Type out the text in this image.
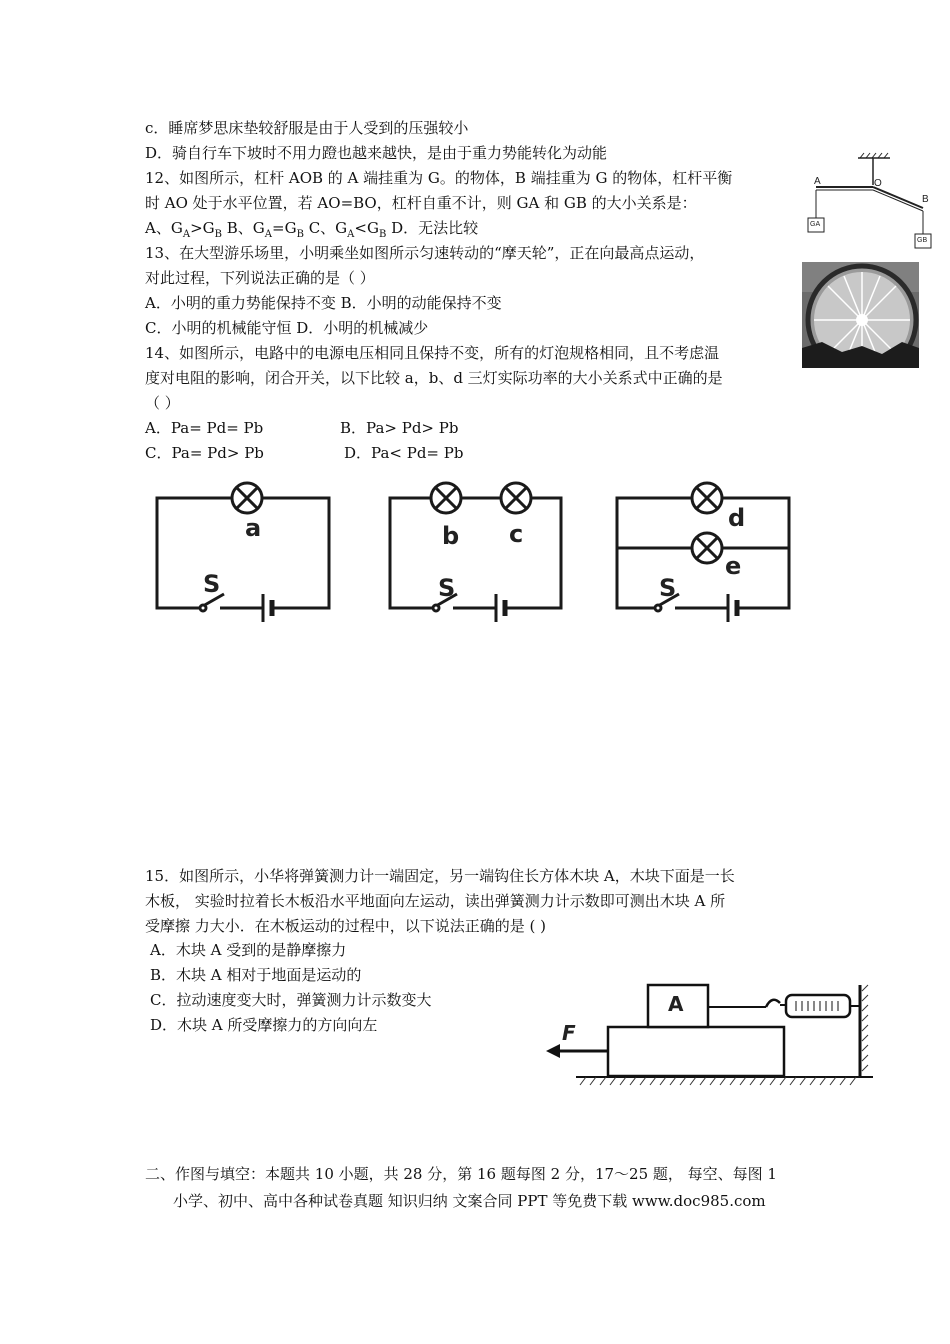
c．睡席梦思床垫较舒服是由于人受到的压强较小
D．骑自行车下坡时不用力蹬也越来越快，是由于重力势能转化为动能
12、如图所示，杠杆 AOB 的 A 端挂重为 G。的物体，B 端挂重为 G 的物体，杠杆平衡
时 AO 处于水平位置，若 AO=BO，杠杆自重不计，则 GA 和 GB 的大小关系是：
A、$G_A>G_B$ B、$G_A=G_B$ C、$G_A<G_B$ D．无法比较
13、在大型游乐场里，小明乘坐如图所示匀速转动的“摩天轮”，正在向最高点运动，
对此过程，下列说法正确的是（ ）
A．小明的重力势能保持不变 B．小明的动能保持不变
C．小明的机械能守恒 D．小明的机械减少
14、如图所示，电路中的电源电压相同且保持不变，所有的灯泡规格相同，且不考虑温
度对电阻的影响，闭合开关，以下比较 a，b、d 三灯实际功率的大小关系式中正确的是
（ ）
A．Pa= Pd= Pb	B．Pa> Pd> Pb
C．Pa= Pd> Pb	D．Pa< Pd= Pb
15．如图所示，小华将弹簧测力计一端固定，另一端钩住长方体木块 A，木块下面是一长
木板， 实验时拉着长木板沿水平地面向左运动，读出弹簧测力计示数即可测出木块 A 所
受摩擦 力大小．在木板运动的过程中，以下说法正确的是 ( )
A．木块 A 受到的是静摩擦力
B．木块 A 相对于地面是运动的
C．拉动速度变大时，弹簧测力计示数变大
D．木块 A 所受摩擦力的方向向左
二、作图与填空：本题共 10 小题，共 28 分，第 16 题每图 2 分，17～25 题， 每空、每图 1
小学、初中、高中各种试卷真题 知识归纳 文案合同 PPT 等免费下载 www.doc985.com
A	O
B
GA
GB
a	b c
d
e
S	S	S
A
F
